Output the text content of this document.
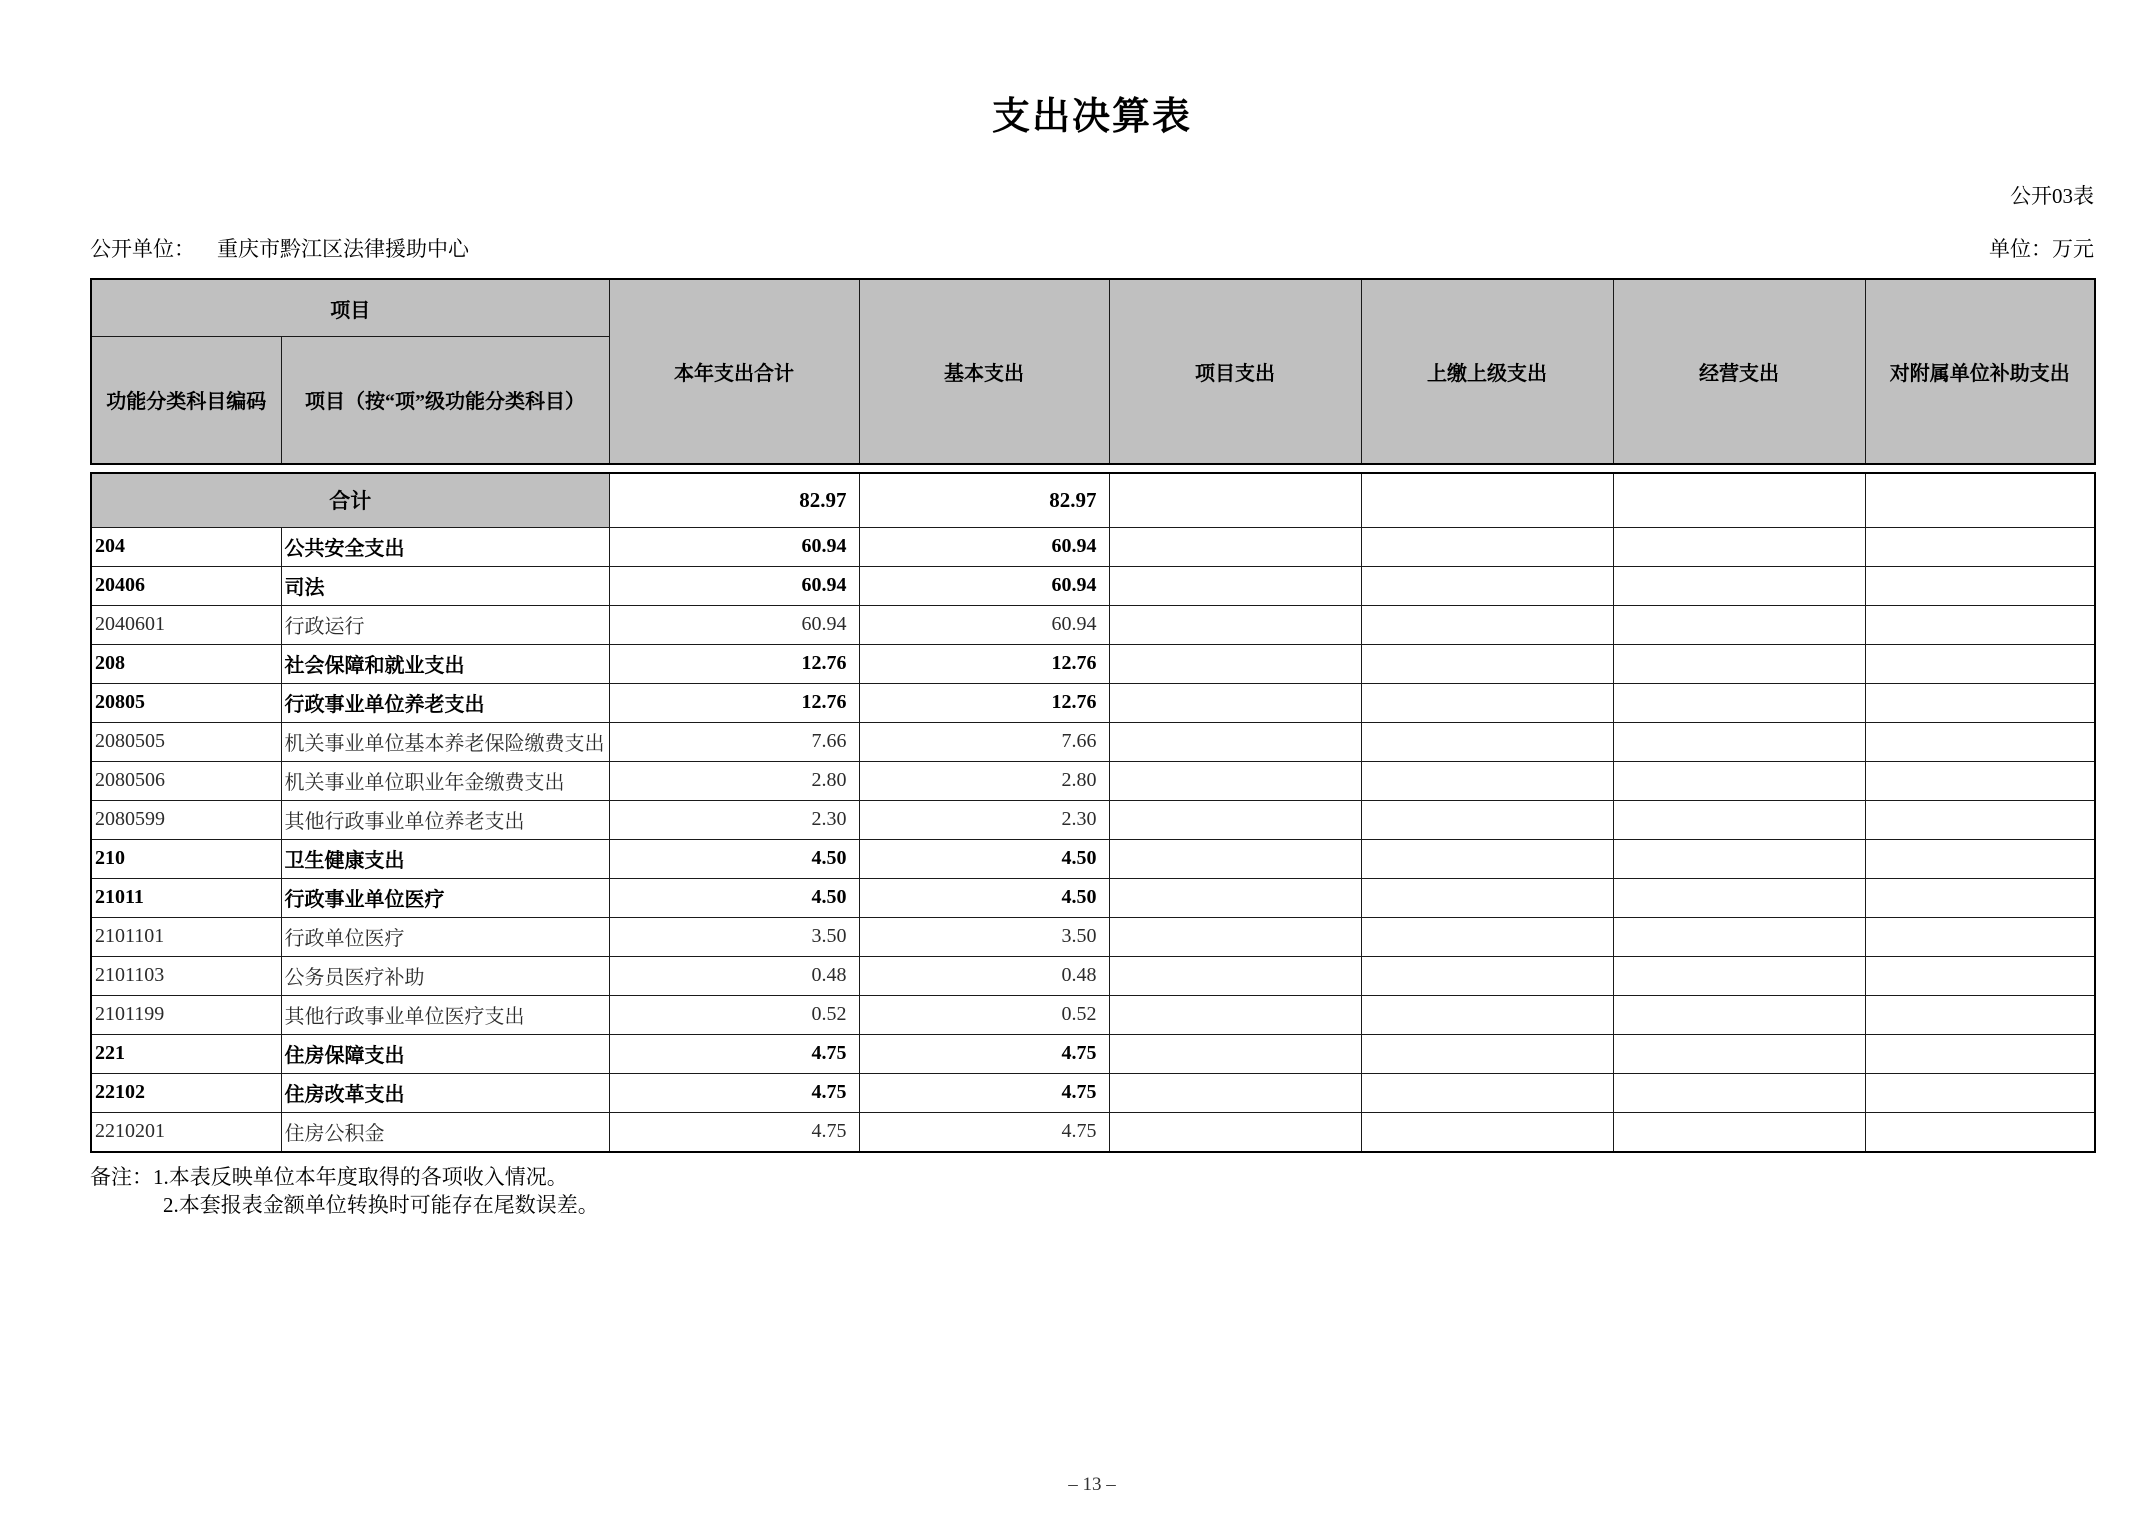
支出决算表
公开03表
公开单位： 重庆市黔江区法律援助中心	单位：万元
项目		本年支出合计	基本支出	项目支出	上缴上级支出	经营支出	对附属单位补助支出
功能分类科目编码	项目（按“项”级功能分类科目）						
合计		82.97	82.97				
204	公共安全支出	60.94	60.94				
20406	司法	60.94	60.94				
2040601	行政运行	60.94	60.94				
208	社会保障和就业支出	12.76	12.76				
20805	行政事业单位养老支出	12.76	12.76				
2080505	机关事业单位基本养老保险缴费支出	7.66	7.66				
2080506	机关事业单位职业年金缴费支出	2.80	2.80				
2080599	其他行政事业单位养老支出	2.30	2.30				
210	卫生健康支出	4.50	4.50				
21011	行政事业单位医疗	4.50	4.50				
2101101	行政单位医疗	3.50	3.50				
2101103	公务员医疗补助	0.48	0.48				
2101199	其他行政事业单位医疗支出	0.52	0.52				
221	住房保障支出	4.75	4.75				
22102	住房改革支出	4.75	4.75				
2210201	住房公积金	4.75	4.75				
备注：1.本表反映单位本年度取得的各项收入情况。
2.本套报表金额单位转换时可能存在尾数误差。
– 13 –
